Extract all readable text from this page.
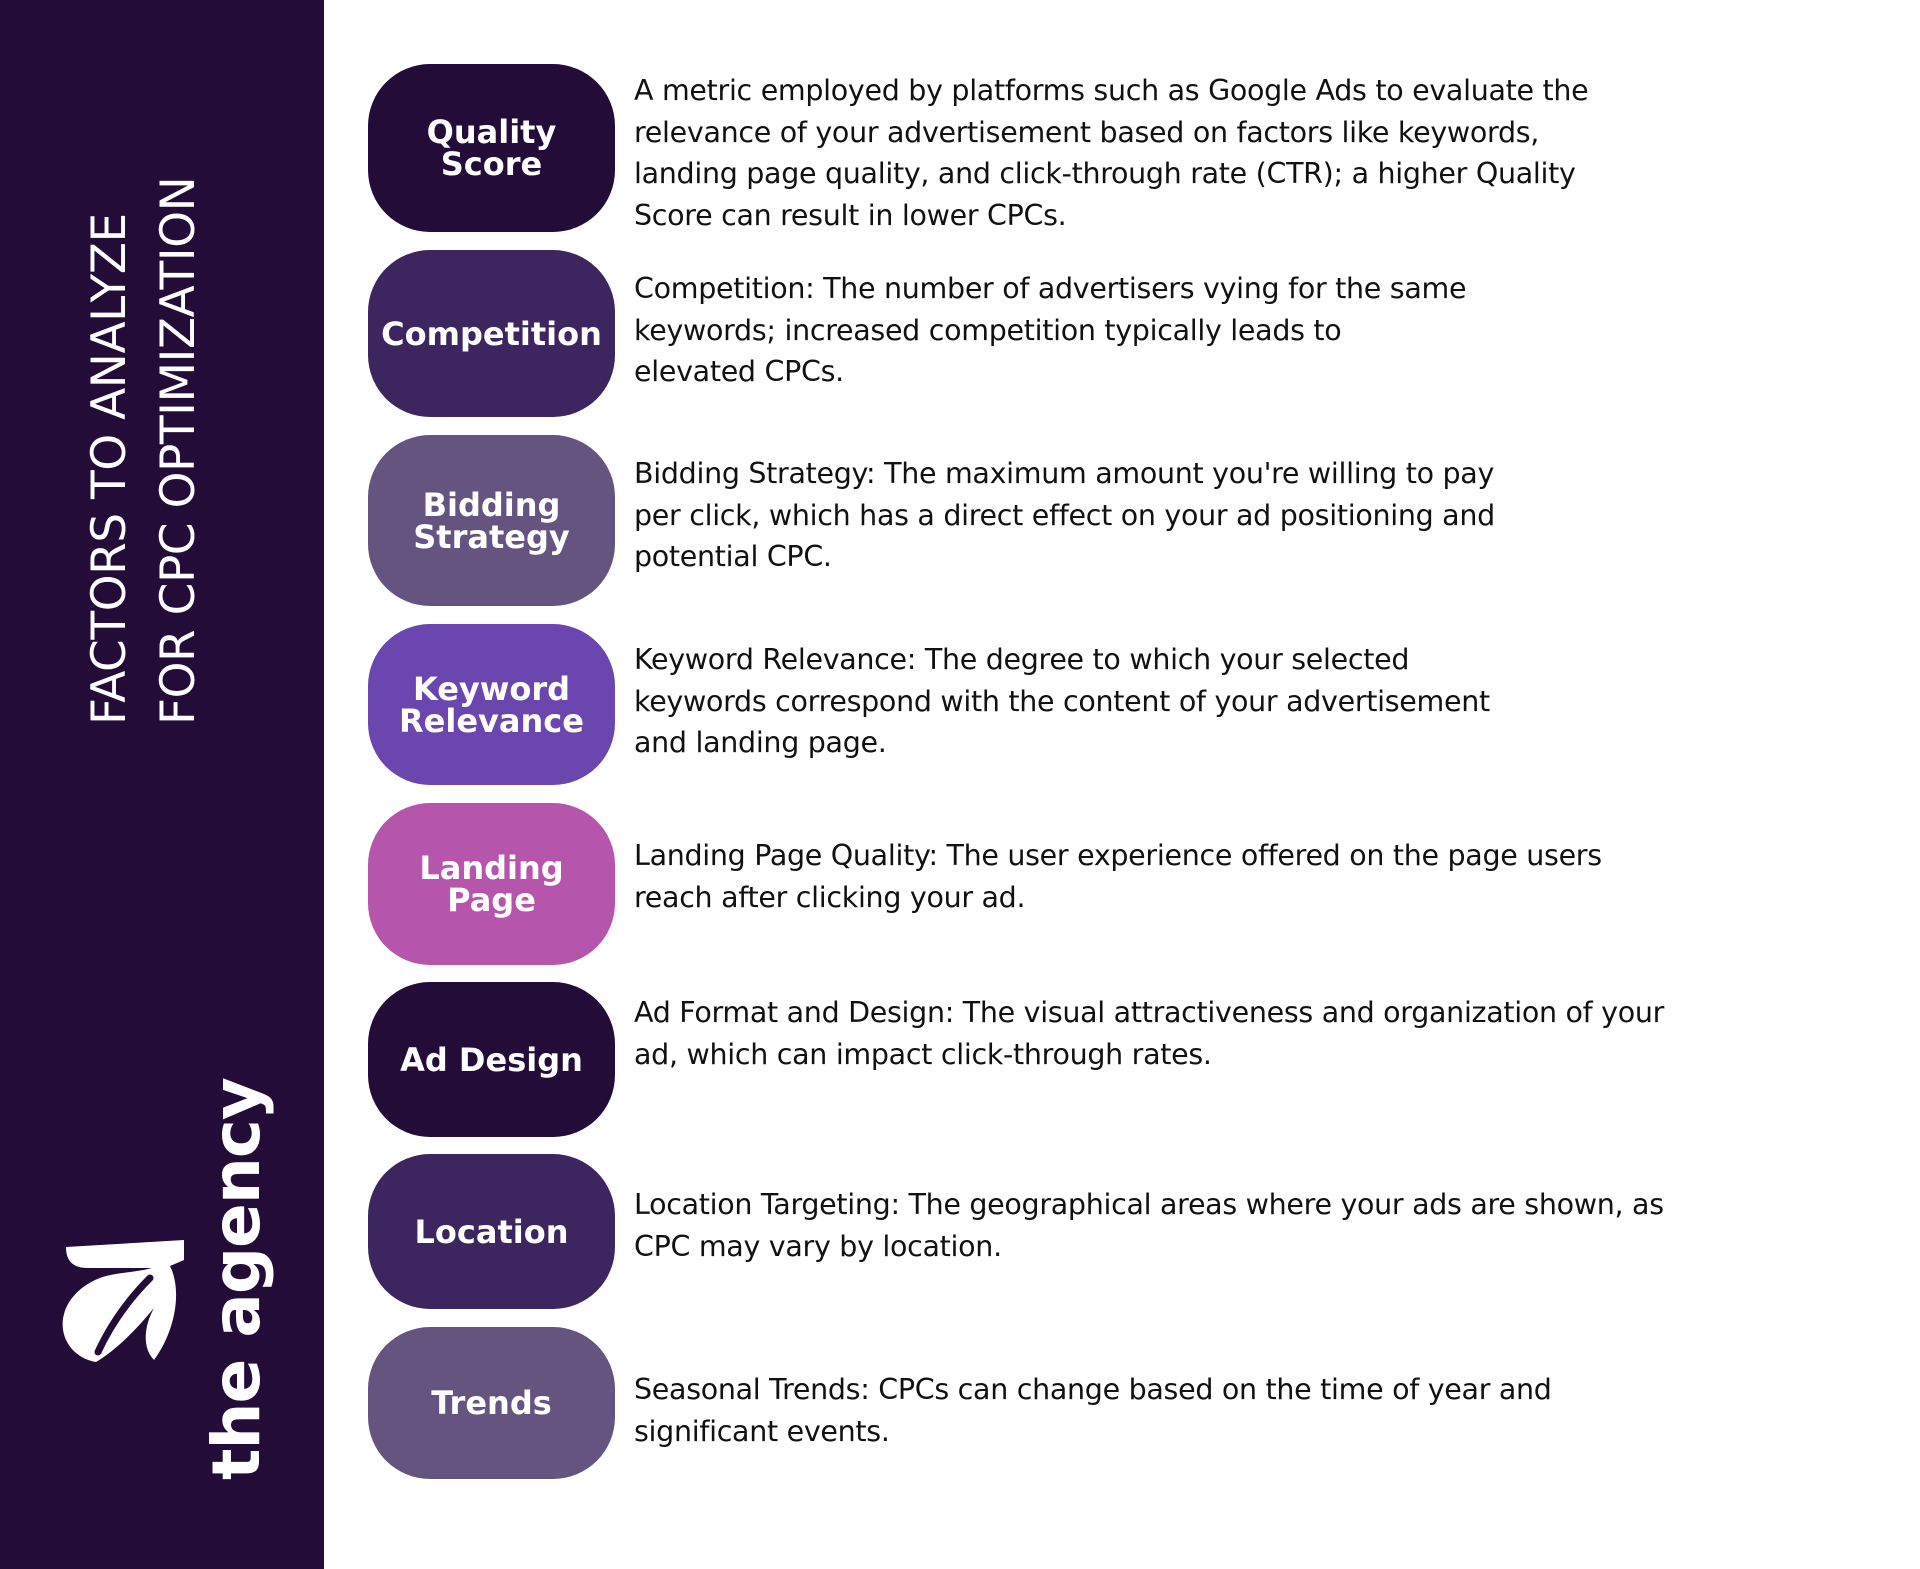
FACTORS TO ANALYZE FOR CPC OPTIMIZATION
the agency
Quality
Score
A metric employed by platforms such as Google Ads to evaluate the
relevance of your advertisement based on factors like keywords,
landing page quality, and click-through rate (CTR); a higher Quality
Score can result in lower CPCs.
Competition
Competition: The number of advertisers vying for the same
keywords; increased competition typically leads to
elevated CPCs.
Bidding
Strategy
Bidding Strategy: The maximum amount you're willing to pay
per click, which has a direct effect on your ad positioning and
potential CPC.
Keyword
Relevance
Keyword Relevance: The degree to which your selected
keywords correspond with the content of your advertisement
and landing page.
Landing
Page
Landing Page Quality: The user experience offered on the page users
reach after clicking your ad.
Ad Design
Ad Format and Design: The visual attractiveness and organization of your
ad, which can impact click-through rates.
Location
Location Targeting: The geographical areas where your ads are shown, as
CPC may vary by location.
Trends	Seasonal Trends: CPCs can change based on the time of year and
significant events.
